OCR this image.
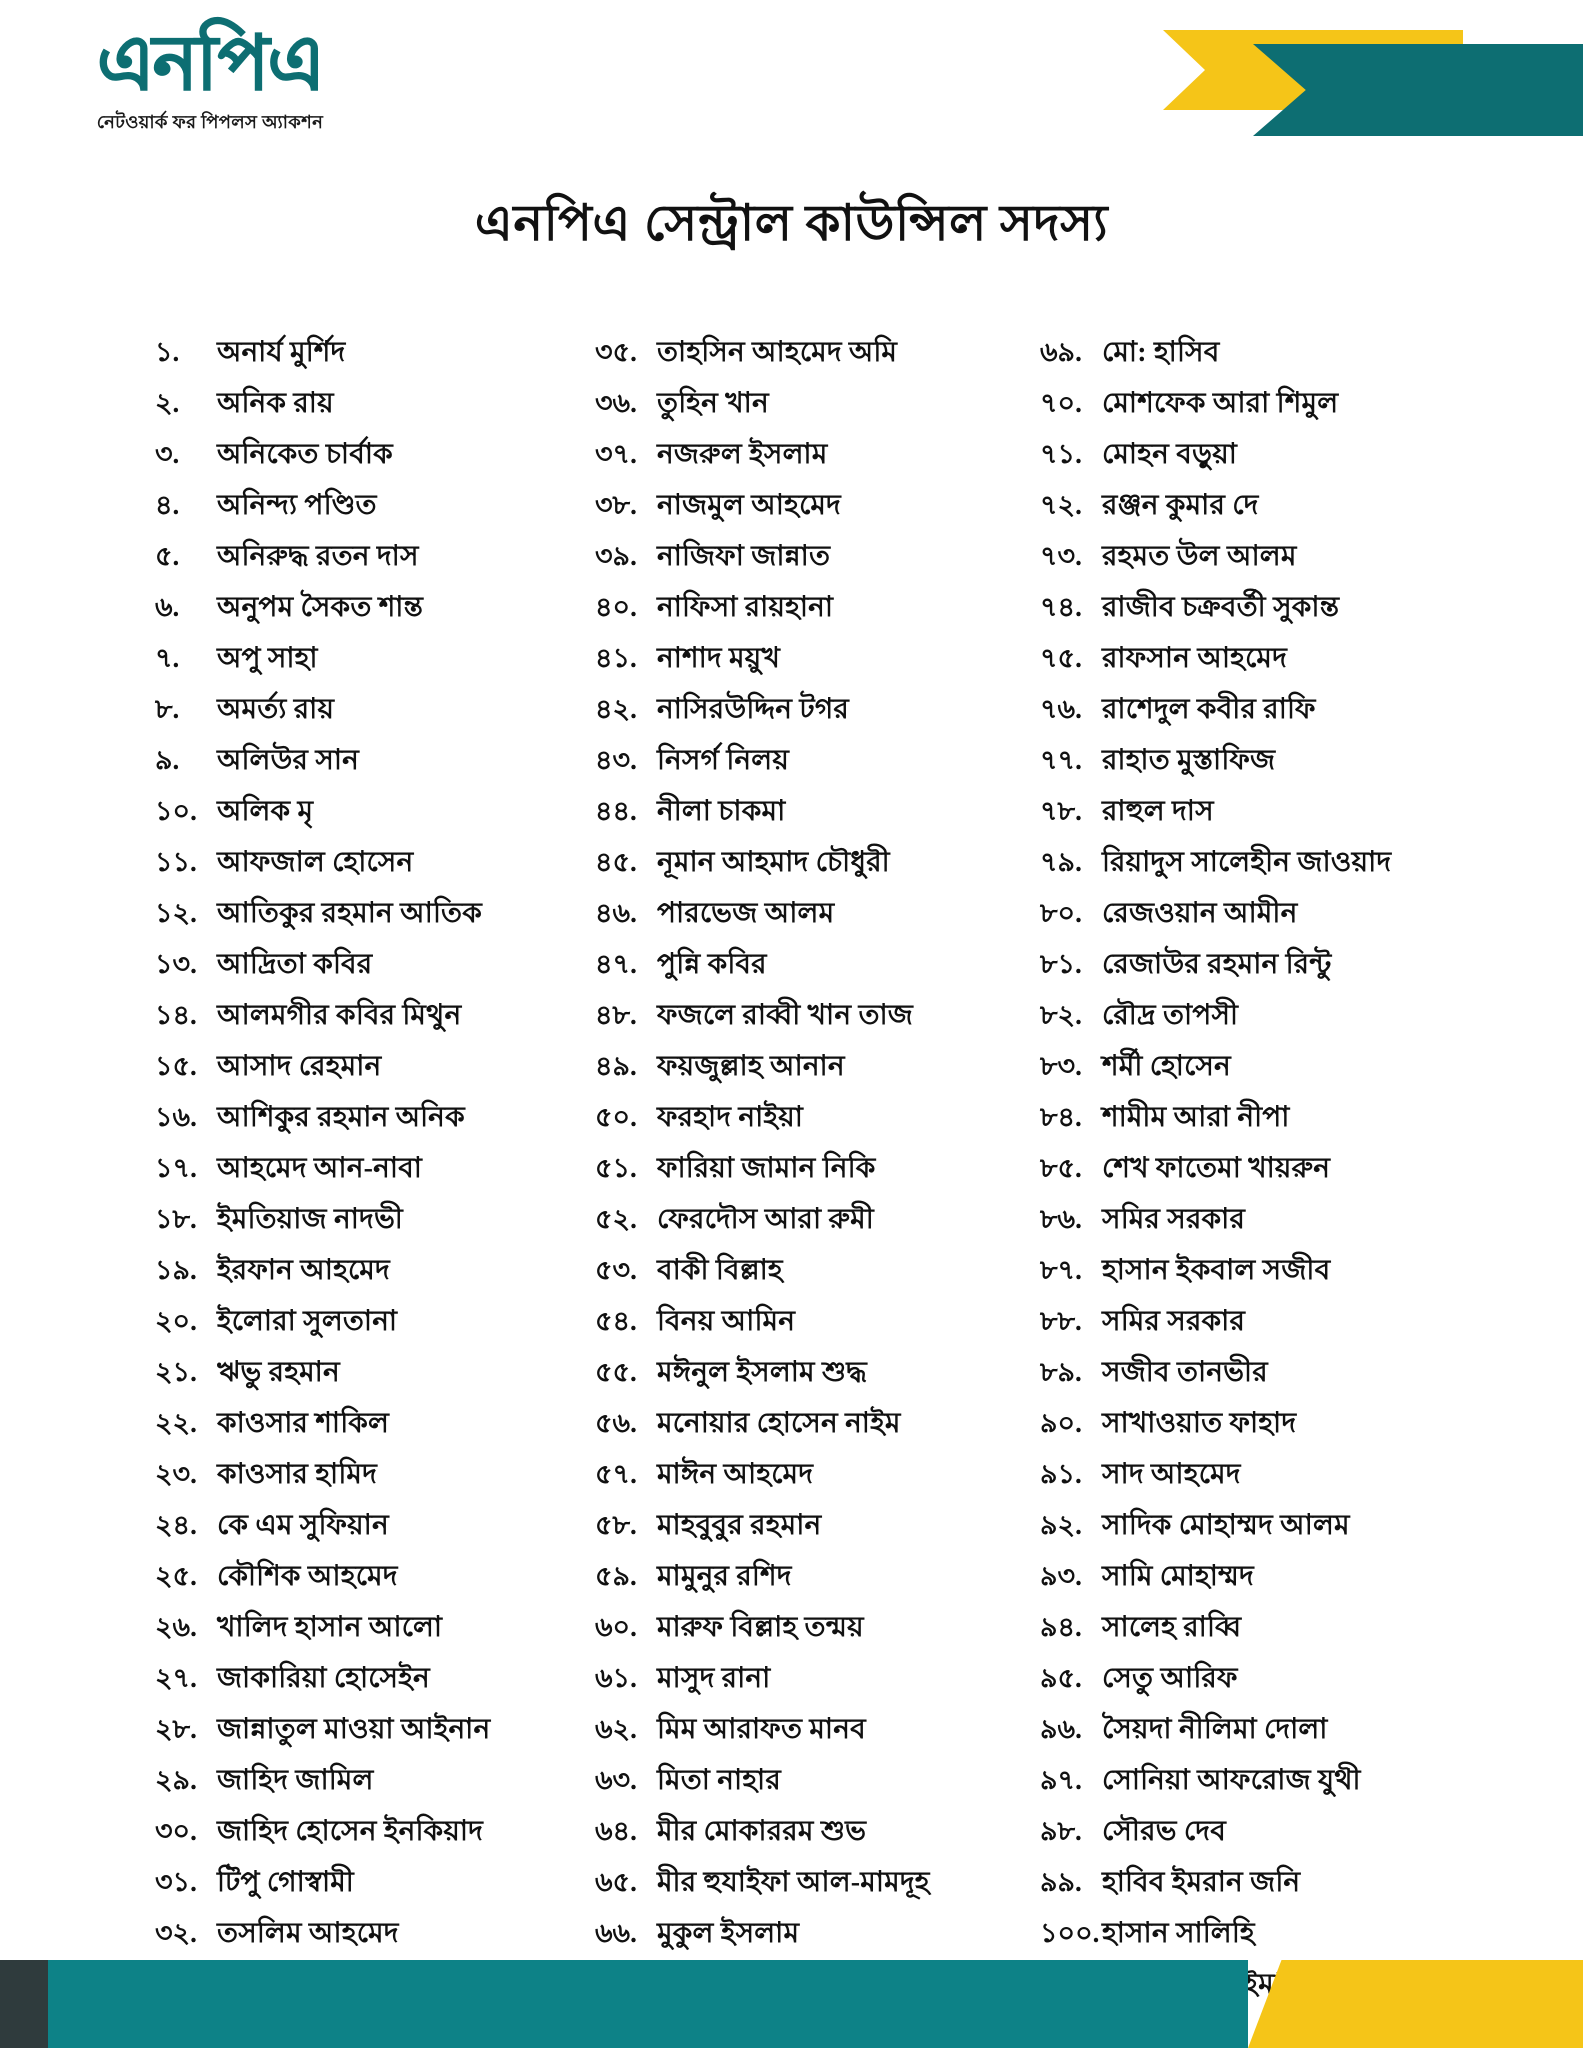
এনপিএ
নেটওয়ার্ক ফর পিপলস অ্যাকশন
এনপিএ সেন্ট্রাল কাউন্সিল সদস্য
১.	অনার্য মুর্শিদ
২.	অনিক রায়
৩.	অনিকেত চার্বাক
৪.	অনিন্দ্য পণ্ডিত
৫.	অনিরুদ্ধ রতন দাস
৬.	অনুপম সৈকত শান্ত
৭.	অপু সাহা
৮.	অমর্ত্য রায়
৯.	অলিউর সান
১০. অলিক মৃ
১১. আফজাল হোসেন
১২. আতিকুর রহমান আতিক
১৩. আদ্রিতা কবির
১৪. আলমগীর কবির মিথুন
১৫. আসাদ রেহমান
১৬. আশিকুর রহমান অনিক
১৭. আহমেদ আন-নাবা
১৮. ইমতিয়াজ নাদভী
১৯. ইরফান আহমেদ
২০. ইলোরা সুলতানা
২১. ঋভু রহমান
২২. কাওসার শাকিল
২৩. কাওসার হামিদ
২৪. কে এম সুফিয়ান
২৫. কৌশিক আহমেদ
২৬. খালিদ হাসান আলো
২৭. জাকারিয়া হোসেইন
২৮. জান্নাতুল মাওয়া আইনান
২৯. জাহিদ জামিল
৩০. জাহিদ হোসেন ইনকিয়াদ
৩১. টিপু গোস্বামী
৩২. তসলিম আহমেদ
৩৫. তাহসিন আহমেদ অমি
৩৬. তুহিন খান
৩৭. নজরুল ইসলাম
৩৮. নাজমুল আহমেদ
৩৯. নাজিফা জান্নাত
৪০. নাফিসা রায়হানা
৪১. নাশাদ ময়ুখ
৪২. নাসিরউদ্দিন টগর
৪৩. নিসর্গ নিলয়
৪৪. নীলা চাকমা
৪৫. নূমান আহমাদ চৌধুরী
৪৬. পারভেজ আলম
৪৭. পুন্নি কবির
৪৮. ফজলে রাব্বী খান তাজ
৪৯. ফয়জুল্লাহ আনান
৫০. ফরহাদ নাইয়া
৫১. ফারিয়া জামান নিকি
৫২. ফেরদৌস আরা রুমী
৫৩. বাকী বিল্লাহ
৫৪. বিনয় আমিন
৫৫. মঈনুল ইসলাম শুদ্ধ
৫৬. মনোয়ার হোসেন নাইম
৫৭. মাঈন আহমেদ
৫৮. মাহবুবুর রহমান
৫৯. মামুনুর রশিদ
৬০. মারুফ বিল্লাহ তন্ময়
৬১. মাসুদ রানা
৬২. মিম আরাফত মানব
৬৩. মিতা নাহার
৬৪. মীর মোকাররম শুভ
৬৫. মীর হুযাইফা আল-মামদূহ
৬৬. মুকুল ইসলাম
৬৯. মো: হাসিব
৭০. মোশফেক আরা শিমুল
৭১. মোহন বড়ুয়া
৭২. রঞ্জন কুমার দে
৭৩. রহমত উল আলম
৭৪. রাজীব চক্রবর্তী সুকান্ত
৭৫. রাফসান আহমেদ
৭৬. রাশেদুল কবীর রাফি
৭৭. রাহাত মুস্তাফিজ
৭৮. রাহুল দাস
৭৯. রিয়াদুস সালেহীন জাওয়াদ
৮০. রেজওয়ান আমীন
৮১. রেজাউর রহমান রিন্টু
৮২. রৌদ্র তাপসী
৮৩. শর্মী হোসেন
৮৪. শামীম আরা নীপা
৮৫. শেখ ফাতেমা খায়রুন
৮৬. সমির সরকার
৮৭. হাসান ইকবাল সজীব
৮৮. সমির সরকার
৮৯. সজীব তানভীর
৯০. সাখাওয়াত ফাহাদ
৯১. সাদ আহমেদ
৯২. সাদিক মোহাম্মদ আলম
৯৩. সামি মোহাম্মদ
৯৪. সালেহ রাব্বি
৯৫. সেতু আরিফ
৯৬. সৈয়দা নীলিমা দোলা
৯৭. সোনিয়া আফরোজ যুথী
৯৮. সৌরভ দেব
৯৯. হাবিব ইমরান জনি
১০০. হাসান সালিহি
